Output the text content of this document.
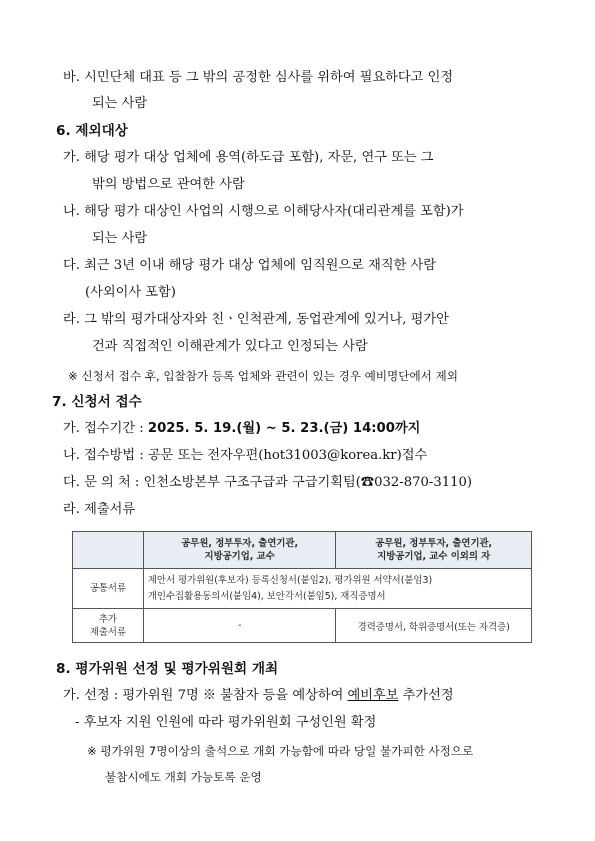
바. 시민단체 대표 등 그 밖의 공정한 심사를 위하여 필요하다고 인정
되는 사람
6. 제외대상
가. 해당 평가 대상 업체에 용역(하도급 포함), 자문, 연구 또는 그
밖의 방법으로 관여한 사람
나. 해당 평가 대상인 사업의 시행으로 이해당사자(대리관계를 포함)가
되는 사람
다. 최근 3년 이내 해당 평가 대상 업체에 임직원으로 재직한 사람
(사외이사 포함)
라. 그 밖의 평가대상자와 친ㆍ인척관계, 동업관계에 있거나, 평가안
건과 직접적인 이해관계가 있다고 인정되는 사람
※ 신청서 접수 후, 입찰참가 등록 업체와 관련이 있는 경우 예비명단에서 제외
7. 신청서 접수
가. 접수기간 : 2025. 5. 19.(월) ~ 5. 23.(금) 14:00까지
나. 접수방법 : 공문 또는 전자우편(hot31003@korea.kr)접수
다. 문 의 처 : 인천소방본부 구조구급과 구급기획팀(☎032-870-3110)
라. 제출서류
	공무원, 정부투자, 출연기관,
지방공기업, 교수	공무원, 정부투자, 출연기관,
지방공기업, 교수 이외의 자
공통서류	제안서 평가위원(후보자) 등록신청서(붙임2), 평가위원 서약서(붙임3)
개인수집활용동의서(붙임4), 보안각서(붙임5), 재직증명서	
추가
제출서류	-	경력증명서, 학위증명서(또는 자격증)
8. 평가위원 선정 및 평가위원회 개최
가. 선정 : 평가위원 7명 ※ 불참자 등을 예상하여 예비후보 추가선정
- 후보자 지원 인원에 따라 평가위원회 구성인원 확정
※ 평가위원 7명이상의 출석으로 개회 가능함에 따라 당일 불가피한 사정으로
불참시에도 개회 가능토록 운영
